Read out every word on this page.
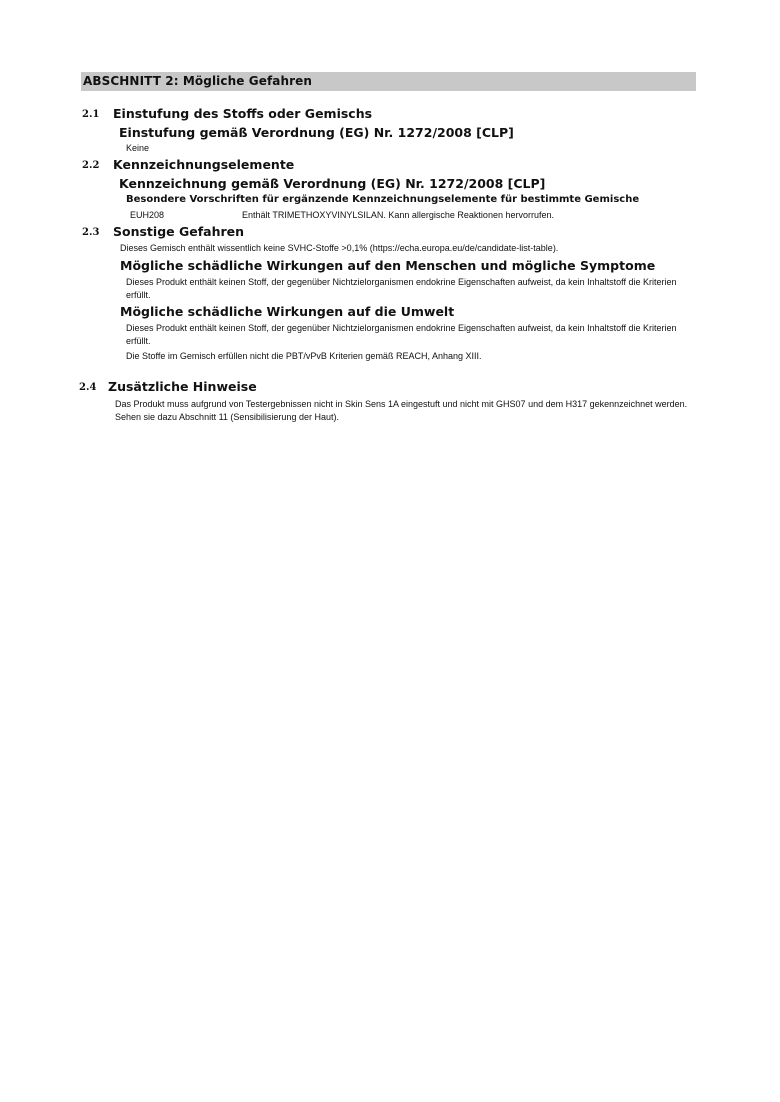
ABSCHNITT 2: Mögliche Gefahren
2.1 Einstufung des Stoffs oder Gemischs
Einstufung gemäß Verordnung (EG) Nr. 1272/2008 [CLP]
Keine
2.2 Kennzeichnungselemente
Kennzeichnung gemäß Verordnung (EG) Nr. 1272/2008 [CLP]
Besondere Vorschriften für ergänzende Kennzeichnungselemente für bestimmte Gemische
EUH208	Enthält TRIMETHOXYVINYLSILAN. Kann allergische Reaktionen hervorrufen.
2.3 Sonstige Gefahren
Dieses Gemisch enthält wissentlich keine SVHC-Stoffe >0,1% (https://echa.europa.eu/de/candidate-list-table).
Mögliche schädliche Wirkungen auf den Menschen und mögliche Symptome
Dieses Produkt enthält keinen Stoff, der gegenüber Nichtzielorganismen endokrine Eigenschaften aufweist, da kein Inhaltstoff die Kriterien erfüllt.
Mögliche schädliche Wirkungen auf die Umwelt
Dieses Produkt enthält keinen Stoff, der gegenüber Nichtzielorganismen endokrine Eigenschaften aufweist, da kein Inhaltstoff die Kriterien erfüllt.
Die Stoffe im Gemisch erfüllen nicht die PBT/vPvB Kriterien gemäß REACH, Anhang XIII.
2.4 Zusätzliche Hinweise
Das Produkt muss aufgrund von Testergebnissen nicht in Skin Sens 1A eingestuft und nicht mit GHS07 und dem H317 gekennzeichnet werden. Sehen sie dazu Abschnitt 11 (Sensibilisierung der Haut).
